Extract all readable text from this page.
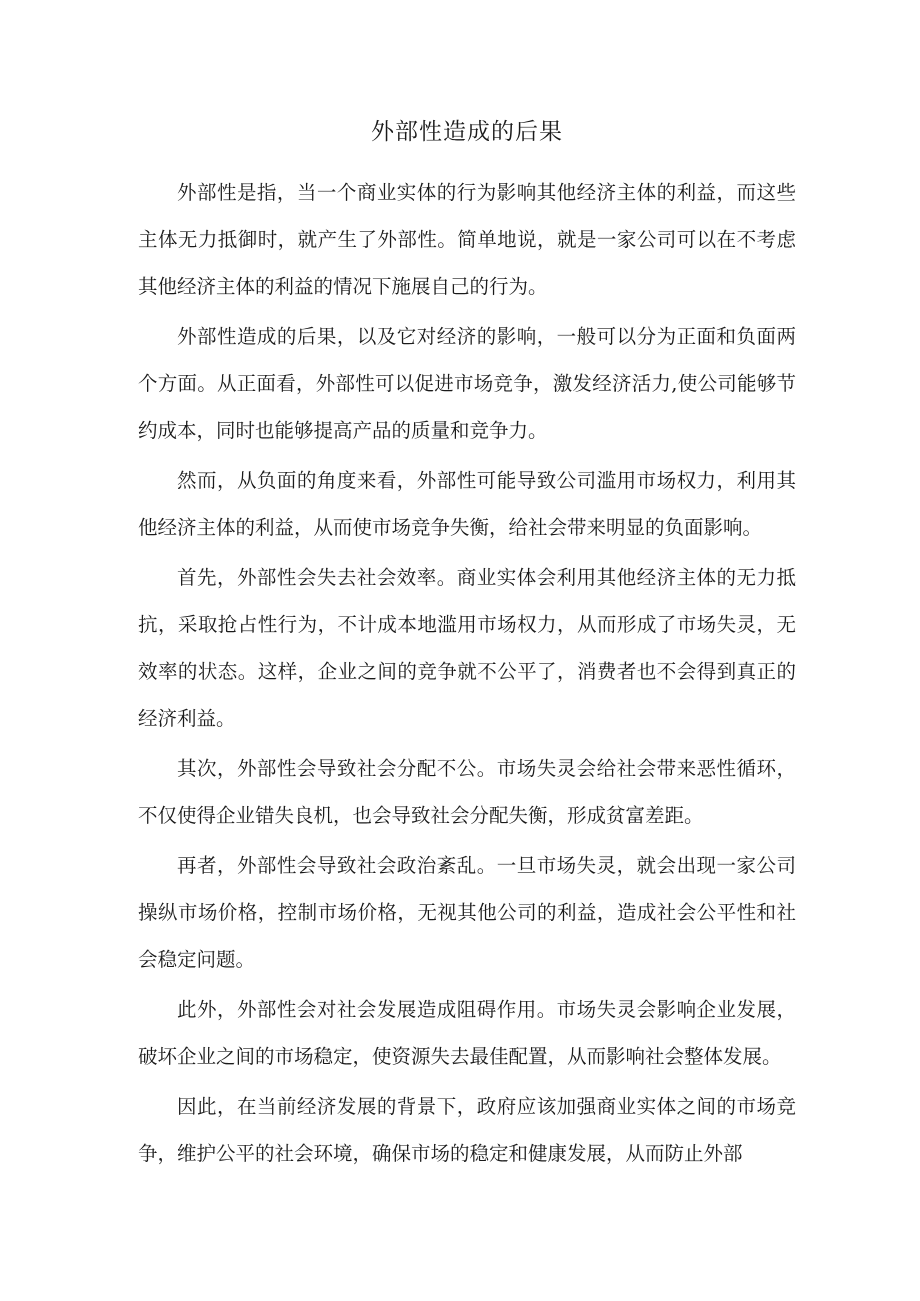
外部性造成的后果

外部性是指，当一个商业实体的行为影响其他经济主体的利益，而这些主体无力抵御时，就产生了外部性。简单地说，就是一家公司可以在不考虑其他经济主体的利益的情况下施展自己的行为。

外部性造成的后果，以及它对经济的影响，一般可以分为正面和负面两个方面。从正面看，外部性可以促进市场竞争，激发经济活力,使公司能够节约成本，同时也能够提高产品的质量和竞争力。

然而，从负面的角度来看，外部性可能导致公司滥用市场权力，利用其他经济主体的利益，从而使市场竞争失衡，给社会带来明显的负面影响。

首先，外部性会失去社会效率。商业实体会利用其他经济主体的无力抵抗，采取抢占性行为，不计成本地滥用市场权力，从而形成了市场失灵，无效率的状态。这样，企业之间的竞争就不公平了，消费者也不会得到真正的经济利益。

其次，外部性会导致社会分配不公。市场失灵会给社会带来恶性循环，不仅使得企业错失良机，也会导致社会分配失衡，形成贫富差距。

再者，外部性会导致社会政治紊乱。一旦市场失灵，就会出现一家公司操纵市场价格，控制市场价格，无视其他公司的利益，造成社会公平性和社会稳定问题。

此外，外部性会对社会发展造成阻碍作用。市场失灵会影响企业发展，破坏企业之间的市场稳定，使资源失去最佳配置，从而影响社会整体发展。

因此，在当前经济发展的背景下，政府应该加强商业实体之间的市场竞争，维护公平的社会环境，确保市场的稳定和健康发展，从而防止外部
